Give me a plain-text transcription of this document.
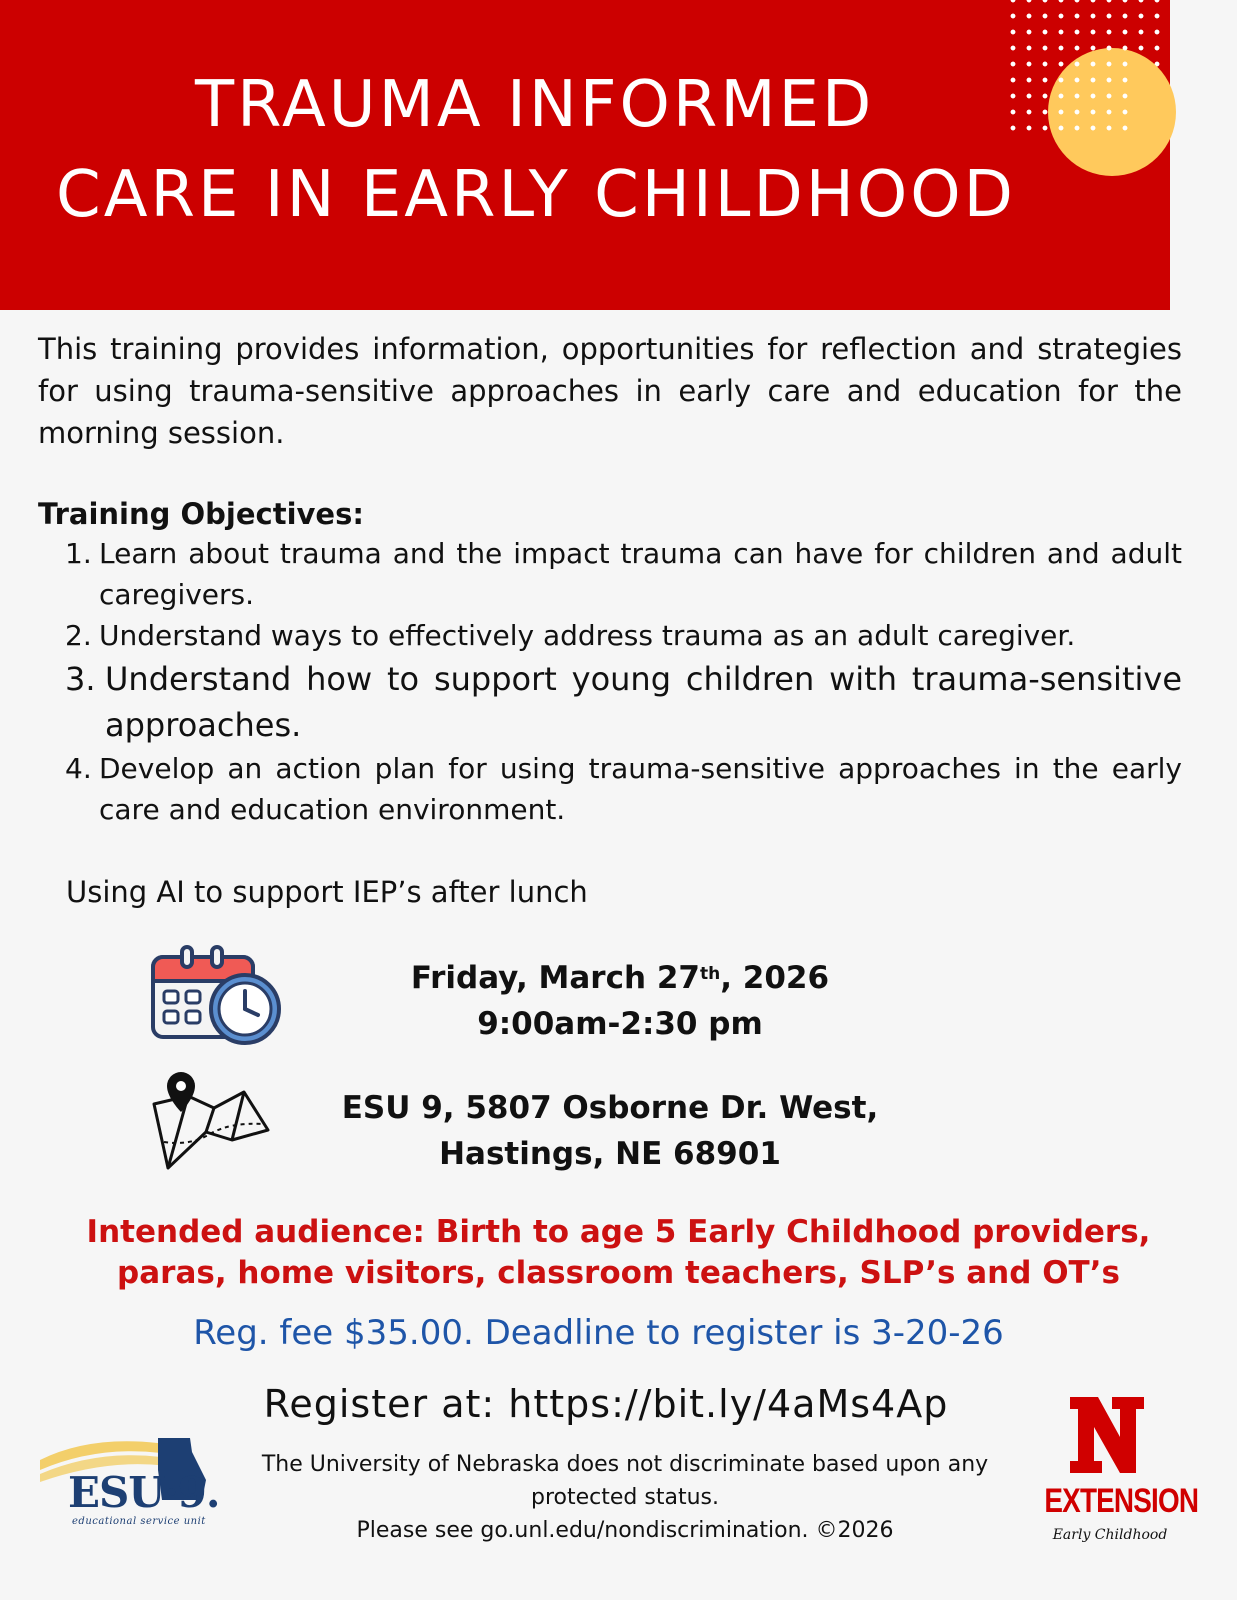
TRAUMA INFORMED
CARE IN EARLY CHILDHOOD
This training provides information, opportunities for reflection and strategies for using trauma-sensitive approaches in early care and education for the morning session.
Training Objectives:
1. Learn about trauma and the impact trauma can have for children and adult caregivers.
2. Understand ways to effectively address trauma as an adult caregiver.
3. Understand how to support young children with trauma-sensitive approaches.
4. Develop an action plan for using trauma-sensitive approaches in the early care and education environment.
Using AI to support IEP’s after lunch
Friday, March 27th, 2026
9:00am-2:30 pm
ESU 9, 5807 Osborne Dr. West,
Hastings, NE 68901
Intended audience: Birth to age 5 Early Childhood providers,
paras, home visitors, classroom teachers, SLP’s and OT’s
Reg. fee $35.00. Deadline to register is 3-20-26
Register at: https://bit.ly/4aMs4Ap
The University of Nebraska does not discriminate based upon any
protected status.
Please see go.unl.edu/nondiscrimination. ©2026
ESU·9.
educational service unit
EXTENSION
Early Childhood
